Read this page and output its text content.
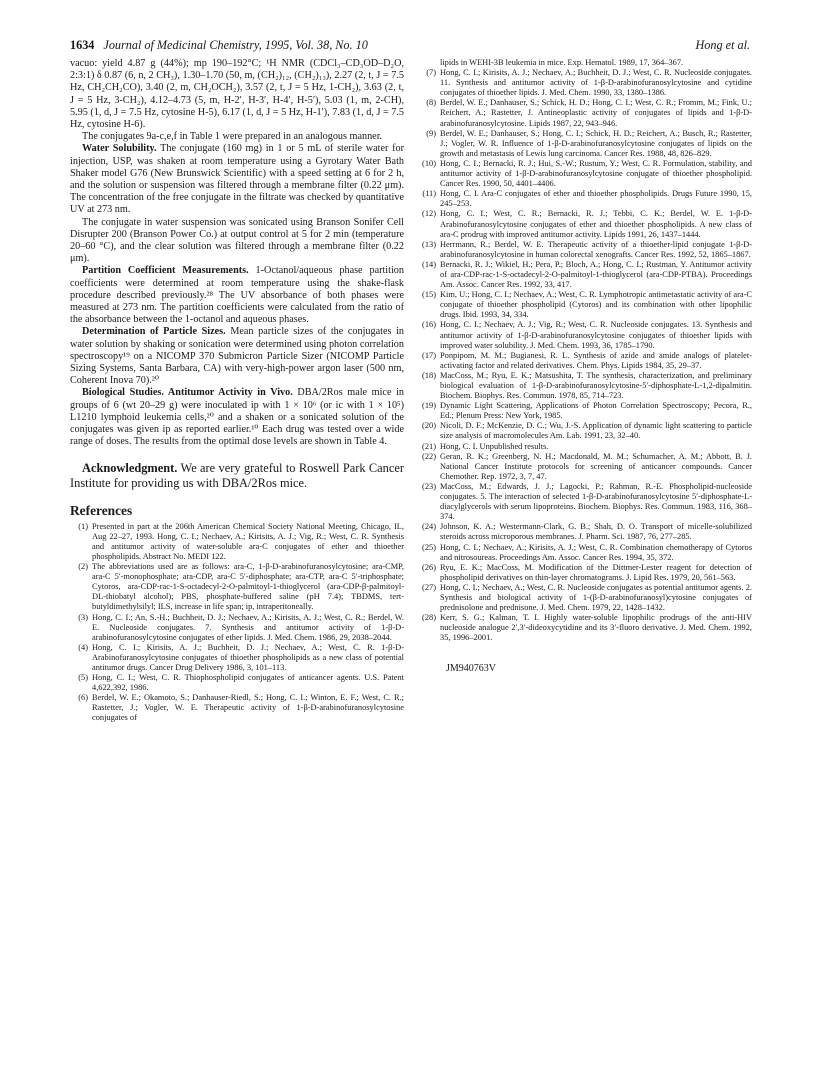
1634 Journal of Medicinal Chemistry, 1995, Vol. 38, No. 10	Hong et al.

vacuo: yield 4.87 g (44%); mp 190–192°C; ¹H NMR (CDCl₃–CD₃OD–D₂O, 2:3:1) δ 0.87 (6, n, 2 CH₃), 1.30–1.70 (50, m, (CH₂)₁₂, (CH₂)₁₃), 2.27 (2, t, J = 7.5 Hz, CH₂CH₂CO), 3.40 (2, m, CH₂OCH₂), 3.57 (2, t, J = 5 Hz, 1-CH₂), 3.63 (2, t, J = 5 Hz, 3-CH₂), 4.12–4.73 (5, m, H-2′, H-3′, H-4′, H-5′), 5.03 (1, m, 2-CH), 5.95 (1, d, J = 7.5 Hz, cytosine H-5), 6.17 (1, d, J = 5 Hz, H-1′), 7.83 (1, d, J = 7.5 Hz, cytosine H-6).

The conjugates 9a-c,e,f in Table 1 were prepared in an analogous manner.

Water Solubility. The conjugate (160 mg) in 1 or 5 mL of sterile water for injection, USP, was shaken at room temperature using a Gyrotary Water Bath Shaker model G76 (New Brunswick Scientific) with a speed setting at 6 for 2 h, and the solution or suspension was filtered through a membrane filter (0.22 μm). The concentration of the free conjugate in the filtrate was checked by quantitative UV at 273 nm.

The conjugate in water suspension was sonicated using Branson Sonifer Cell Disrupter 200 (Branson Power Co.) at output control at 5 for 2 min (temperature 20–60 °C), and the clear solution was filtered through a membrane filter (0.22 μm).

Partition Coefficient Measurements. 1-Octanol/aqueous phase partition coefficients were determined at room temperature using the shake-flask procedure described previously.²⁸ The UV absorbance of both phases were measured at 273 nm. The partition coefficients were calculated from the ratio of the absorbance between the 1-octanol and aqueous phases.

Determination of Particle Sizes. Mean particle sizes of the conjugates in water solution by shaking or sonication were determined using photon correlation spectroscopy¹⁹ on a NICOMP 370 Submicron Particle Sizer (NICOMP Particle Sizing Systems, Santa Barbara, CA) with very-high-power argon laser (500 nm, Coherent Inova 70).²⁰

Biological Studies. Antitumor Activity in Vivo. DBA/2Ros male mice in groups of 6 (wt 20–29 g) were inoculated ip with 1 × 10⁶ (or ic with 1 × 10⁵) L1210 lymphoid leukemia cells,²⁰ and a shaken or a sonicated solution of the conjugates was given ip as reported earlier.¹⁰ Each drug was tested over a wide range of doses. The results from the optimal dose levels are shown in Table 4.

Acknowledgment. We are very grateful to Roswell Park Cancer Institute for providing us with DBA/2Ros mice.

References
(1) Presented in part at the 206th American Chemical Society National Meeting, Chicago, IL, Aug 22–27, 1993. Hong, C. I.; Nechaev, A.; Kirisits, A. J.; Vig, R.; West, C. R. Synthesis and antitumor activity of water-soluble ara-C conjugates of ether and thioether phospholipids. Abstract No. MEDI 122.
(2) The abbreviations used are as follows: ara-C, 1-β-D-arabinofuranosylcytosine; ara-CMP, ara-C 5′-monophosphate; ara-CDP, ara-C 5′-diphosphate; ara-CTP, ara-C 5′-triphosphate; Cytoros, ara-CDP-rac-1-S-octadecyl-2-O-palmitoyl-1-thioglycerol (ara-CDP-β-palmitoyl-DL-thiobatyl alcohol); PBS, phosphate-buffered saline (pH 7.4); TBDMS, tert-butyldimethylsilyl; ILS, increase in life span; ip, intraperitoneally.
(3) Hong, C. I.; An, S.-H.; Buchheit, D. J.; Nechaev, A.; Kirisits, A. J.; West, C. R.; Berdel, W. E. Nucleoside conjugates. 7. Synthesis and antitumor activity of 1-β-D-arabinofuranosylcytosine conjugates of ether lipids. J. Med. Chem. 1986, 29, 2038–2044.
(4) Hong, C. I.; Kirisits, A. J.; Buchheit, D. J.; Nechaev, A.; West, C. R. 1-β-D-Arabinofuranosylcytosine conjugates of thioether phospholipids as a new class of potential antitumor drugs. Cancer Drug Delivery 1986, 3, 101–113.
(5) Hong, C. I.; West, C. R. Thiophospholipid conjugates of anticancer agents. U.S. Patent 4,622,392, 1986.
(6) Berdel, W. E.; Okamoto, S.; Danhauser-Riedl, S.; Hong, C. I.; Winton, E. F.; West, C. R.; Rastetter, J.; Vogler, W. E. Therapeutic activity of 1-β-D-arabinofuranosylcytosine conjugates of
lipids in WEHI-3B leukemia in mice. Exp. Hematol. 1989, 17, 364–367.
(7) Hong, C. I.; Kirisits, A. J.; Nechaev, A.; Buchheit, D. J.; West, C. R. Nucleoside conjugates. 11. Synthesis and antitumor activity of 1-β-D-arabinofuranosylcytosine and cytidine conjugates of thioether lipids. J. Med. Chem. 1990, 33, 1380–1386.
(8) Berdel, W. E.; Danhauser, S.; Schick, H. D.; Hong, C. I.; West, C. R.; Fromm, M.; Fink, U.; Reichert, A.; Rastetter, J. Antineoplastic activity of conjugates of lipids and 1-β-D-arabinofuranosylcytosine. Lipids 1987, 22, 943–946.
(9) Berdel, W. E.; Danhauser, S.; Hong, C. I.; Schick, H. D.; Reichert, A.; Busch, R.; Rastetter, J.; Vogler, W. R. Influence of 1-β-D-arabinofuranosylcytosine conjugates of lipids on the growth and metastasis of Lewis lung carcinoma. Cancer Res. 1988, 48, 826–829.
(10) Hong, C. I.; Bernacki, R. J.; Hui, S.-W.; Rustum, Y.; West, C. R. Formulation, stability, and antitumor activity of 1-β-D-arabinofuranosylcytosine conjugate of thioether phospholipid. Cancer Res. 1990, 50, 4401–4406.
(11) Hong, C. I. Ara-C conjugates of ether and thioether phospholipids. Drugs Future 1990, 15, 245–253.
(12) Hong, C. I.; West, C. R.; Bernacki, R. J.; Tebbi, C. K.; Berdel, W. E. 1-β-D-Arabinofuranosylcytosine conjugates of ether and thioether phospholipids. A new class of ara-C prodrug with improved antitumor activity. Lipids 1991, 26, 1437–1444.
(13) Herrmann, R.; Berdel, W. E. Therapeutic activity of a thioether-lipid conjugate 1-β-D-arabinofuranosylcytosine in human colorectal xenografts. Cancer Res. 1992, 52, 1865–1867.
(14) Bernacki, R. J.; Wikiel, H.; Pera, P.; Bloch, A.; Hong, C. I.; Rustman, Y. Antitumor activity of ara-CDP-rac-1-S-octadecyl-2-O-palmitoyl-1-thioglycerol (ara-CDP-PTBA). Proceedings Am. Assoc. Cancer Res. 1992, 33, 417.
(15) Kim, U.; Hong, C. I.; Nechaev, A.; West, C. R. Lymphotropic antimetastatic activity of ara-C conjugate of thioether phospholipid (Cytoros) and its combination with other lipophilic drugs. Ibid. 1993, 34, 334.
(16) Hong, C. I.; Nechaev, A. J.; Vig, R.; West, C. R. Nucleoside conjugates. 13. Synthesis and antitumor activity of 1-β-D-arabinofuranosylcytosine conjugates of thioether lipids with improved water solubility. J. Med. Chem. 1993, 36, 1785–1790.
(17) Ponpipom, M. M.; Bugianesi, R. L. Synthesis of azide and amide analogs of platelet-activating factor and related derivatives. Chem. Phys. Lipids 1984, 35, 29–37.
(18) MacCoss, M.; Ryu, E. K.; Matsushita, T. The synthesis, characterization, and preliminary biological evaluation of 1-β-D-arabinofuranosylcytosine-5′-diphosphate-L-1,2-dipalmitin. Biochem. Biophys. Res. Commun. 1978, 85, 714–723.
(19) Dynamic Light Scattering, Applications of Photon Correlation Spectroscopy; Pecora, R., Ed.; Plenum Press: New York, 1985.
(20) Nicoli, D. F.; McKenzie, D. C.; Wu, J.-S. Application of dynamic light scattering to particle size analysis of macromolecules Am. Lab. 1991, 23, 32–40.
(21) Hong, C. I. Unpublished results.
(22) Geran, R. K.; Greenberg, N. H.; Macdonald, M. M.; Schumacher, A. M.; Abbott, B. J. National Cancer Institute protocols for screening of anticancer compounds. Cancer Chemother. Rep. 1972, 3, 7, 47.
(23) MacCoss, M.; Edwards, J. J.; Lagocki, P.; Rahman, R.-E. Phospholipid-nucleoside conjugates. 5. The interaction of selected 1-β-D-arabinofuranosylcytosine 5′-diphosphate-L-diacylglycerols with serum lipoproteins. Biochem. Biophys. Res. Commun. 1983, 116, 368–374.
(24) Johnson, K. A.; Westermann-Clark, G. B.; Shah, D. O. Transport of micelle-solubilized steroids across microporous membranes. J. Pharm. Sci. 1987, 76, 277–285.
(25) Hong, C. I.; Nechaev, A.; Kirisits, A. J.; West, C. R. Combination chemotherapy of Cytoros and nitrosoureas. Proceedings Am. Assoc. Cancer Res. 1994, 35, 372.
(26) Ryu, E. K.; MacCoss, M. Modification of the Dittmer-Lester reagent for detection of phospholipid derivatives on thin-layer chromatograms. J. Lipid Res. 1979, 20, 561–563.
(27) Hong, C. I.; Nechaev, A.; West, C. R. Nucleoside conjugates as potential antitumor agents. 2. Synthesis and biological activity of 1-(β-D-arabinofuranosyl)cytosine conjugates of prednisolone and prednisone. J. Med. Chem. 1979, 22, 1428–1432.
(28) Kerr, S. G.; Kalman, T. I. Highly water-soluble lipophilic prodrugs of the anti-HIV nucleoside analogue 2′,3′-dideoxycytidine and its 3′-fluoro derivative. J. Med. Chem. 1992, 35, 1996–2001.
JM940763V
